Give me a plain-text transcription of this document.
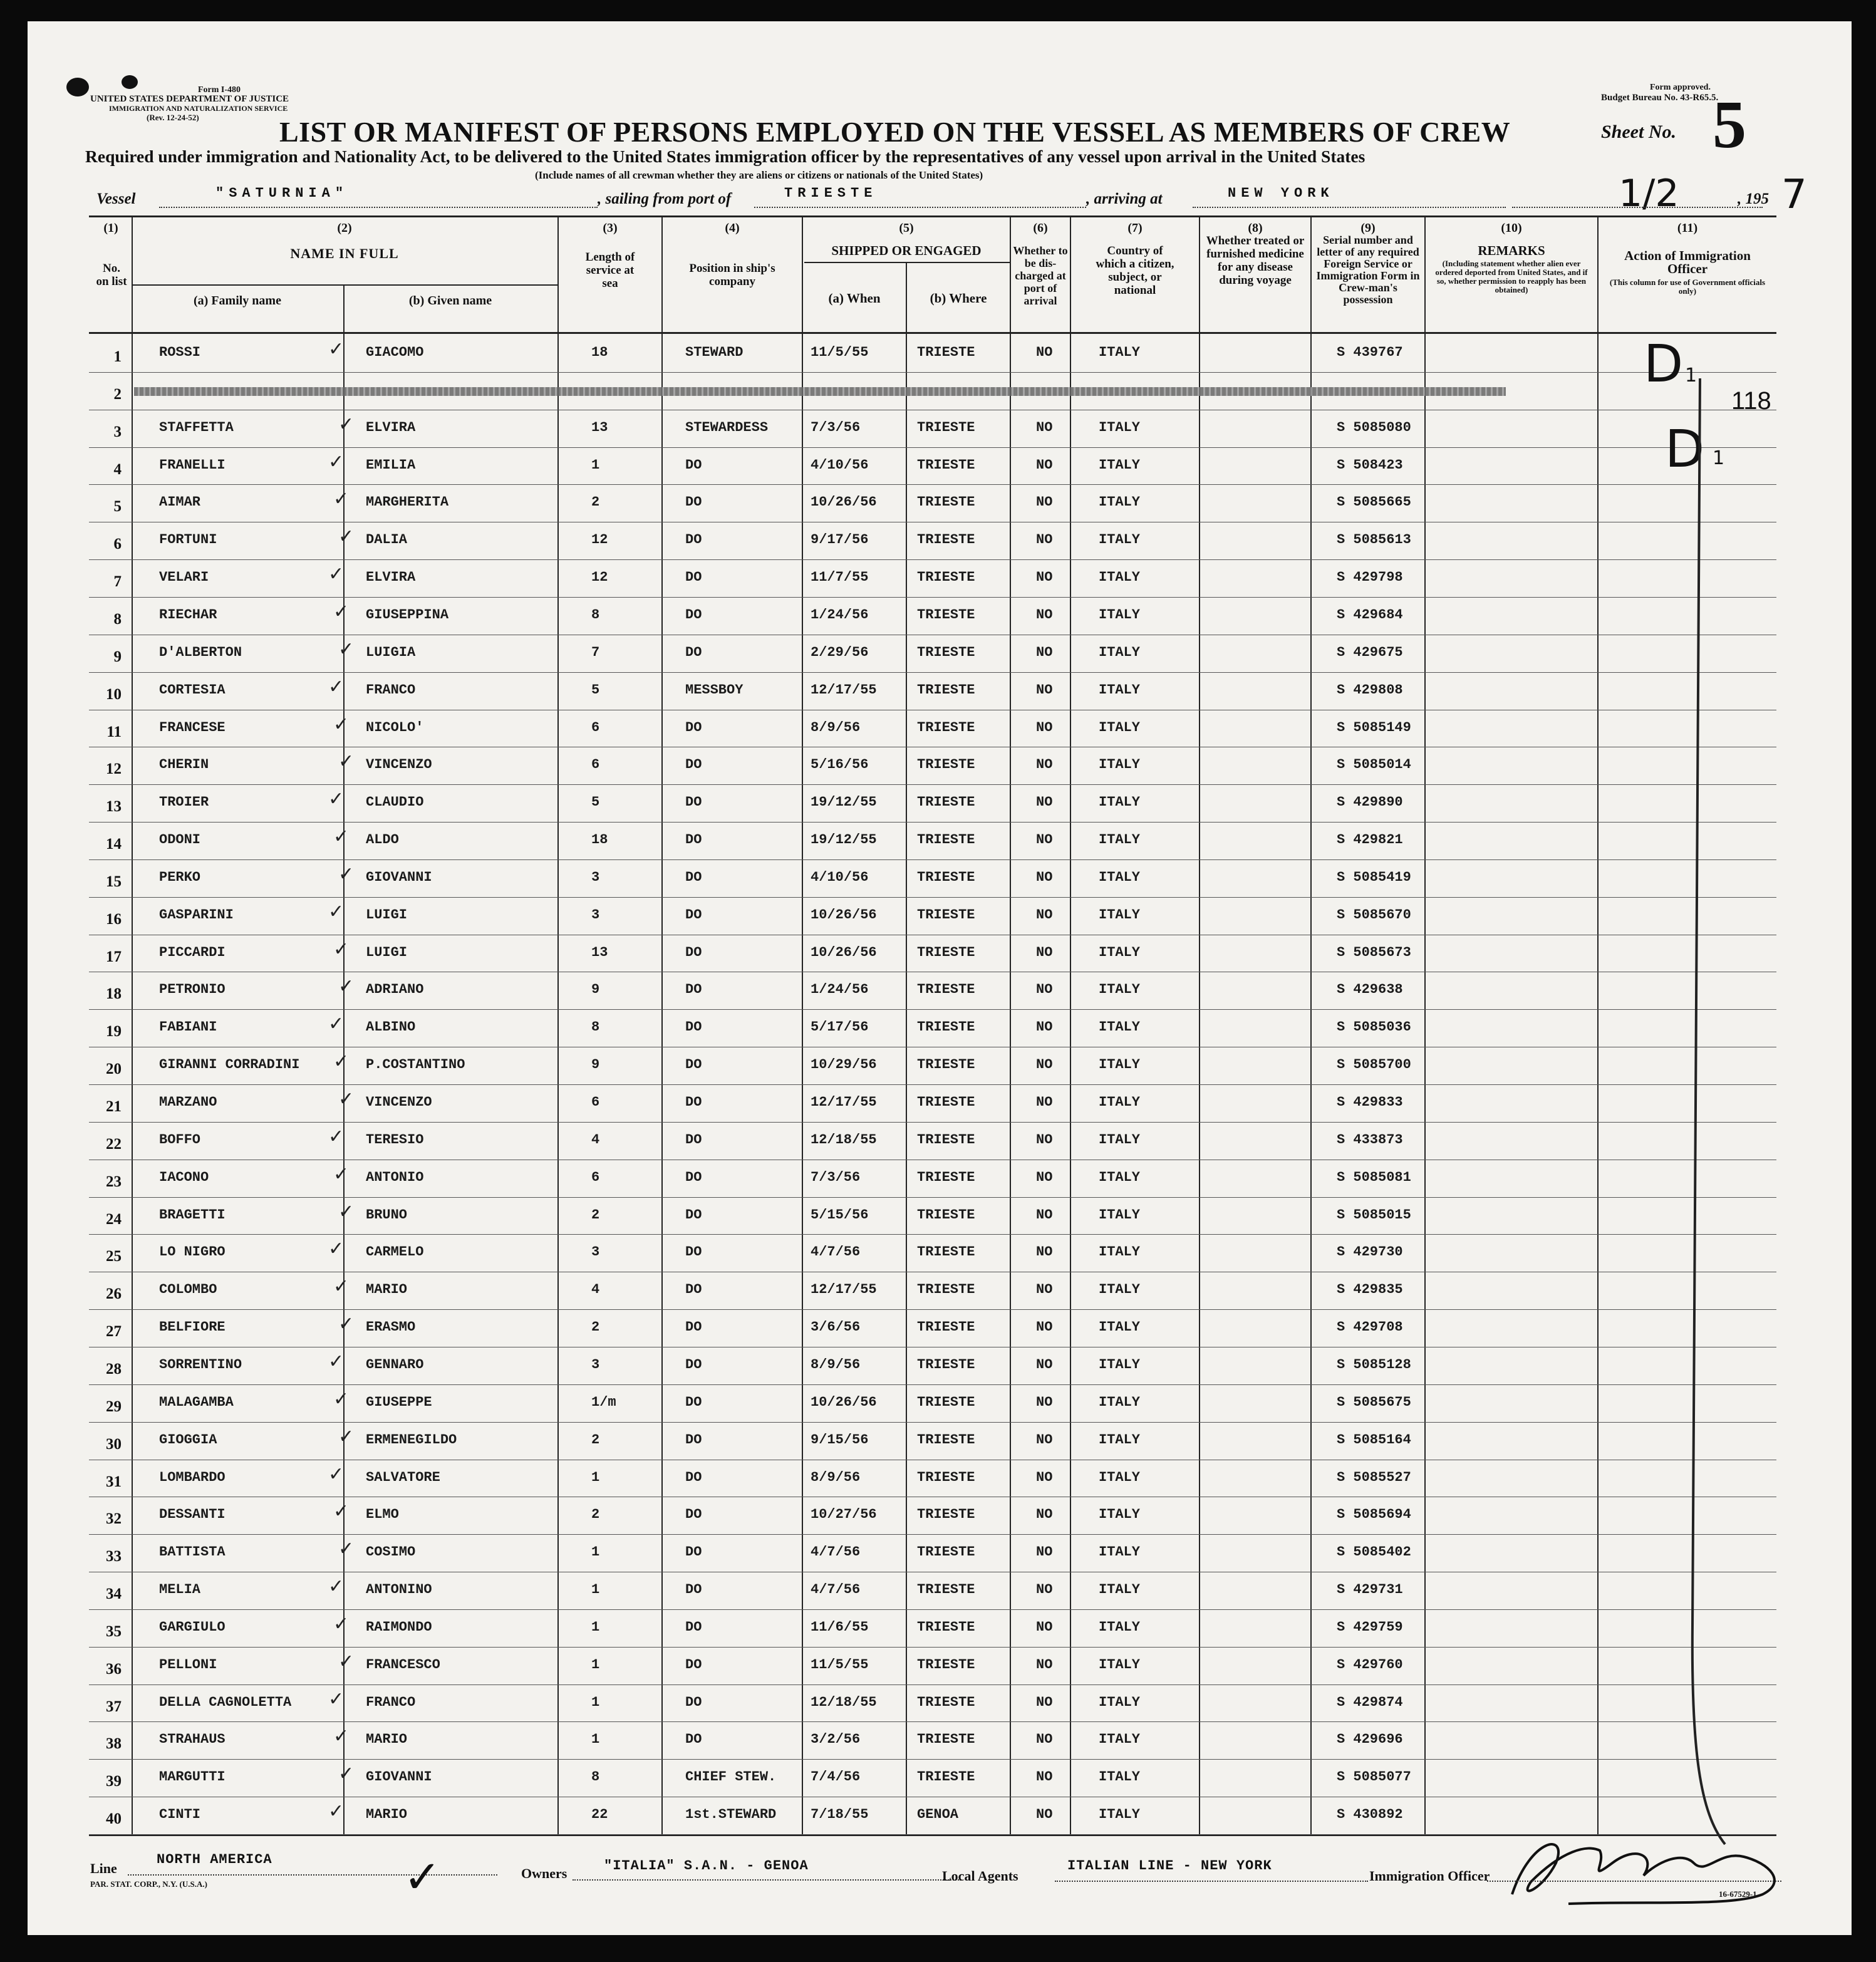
Form I-480
UNITED STATES DEPARTMENT OF JUSTICE
IMMIGRATION AND NATURALIZATION SERVICE
(Rev. 12-24-52)
Form approved.
Budget Bureau No. 43-R65.5.
LIST OR MANIFEST OF PERSONS EMPLOYED ON THE VESSEL AS MEMBERS OF CREW	Sheet No. 5
Required under immigration and Nationality Act, to be delivered to the United States immigration officer by the representatives of any vessel upon arrival in the United States
(Include names of all crewman whether they are aliens or citizens or nationals of the United States)
Vessel	"SATURNIA"	, sailing from port of	TRIESTE	, arriving at	NEW YORK	1/2	, 195 7
(1)
No. on list
(2)
NAME IN FULL
(a) Family name	(b) Given name
(3)
Length of service at sea
(4)
Position in ship's company
(5)
SHIPPED OR ENGAGED
(a) When	(b) Where
(6)
Whether to be dis-charged at port of arrival
(7)
Country of which a citizen, subject, or national
(8)
Whether treated or furnished medicine for any disease during voyage
(9)
Serial number and letter of any required Foreign Service or Immigration Form in Crew-man's possession
(10)
REMARKS
(Including statement whether alien ever ordered deported from United States, and if so, whether permission to reapply has been obtained)
(11)
Action of Immigration Officer
(This column for use of Government officials only)
1	ROSSI	GIACOMO	18	STEWARD	11/5/55	TRIESTE	NO	ITALY	S 439767
✓
2
3	STAFFETTA	ELVIRA	13	STEWARDESS	7/3/56	TRIESTE	NO	ITALY	S 5085080
✓
4	FRANELLI	EMILIA	1	DO	4/10/56	TRIESTE	NO	ITALY	S 508423
✓
5	AIMAR	MARGHERITA	2	DO	10/26/56	TRIESTE	NO	ITALY	S 5085665
✓
6	FORTUNI	DALIA	12	DO	9/17/56	TRIESTE	NO	ITALY	S 5085613
✓
7	VELARI	ELVIRA	12	DO	11/7/55	TRIESTE	NO	ITALY	S 429798
✓
8	RIECHAR	GIUSEPPINA	8	DO	1/24/56	TRIESTE	NO	ITALY	S 429684
✓
9	D'ALBERTON	LUIGIA	7	DO	2/29/56	TRIESTE	NO	ITALY	S 429675
✓
10	CORTESIA	FRANCO	5	MESSBOY	12/17/55	TRIESTE	NO	ITALY	S 429808
✓
11	FRANCESE	NICOLO'	6	DO	8/9/56	TRIESTE	NO	ITALY	S 5085149
✓
12	CHERIN	VINCENZO	6	DO	5/16/56	TRIESTE	NO	ITALY	S 5085014
✓
13	TROIER	CLAUDIO	5	DO	19/12/55	TRIESTE	NO	ITALY	S 429890
✓
14	ODONI	ALDO	18	DO	19/12/55	TRIESTE	NO	ITALY	S 429821
✓
15	PERKO	GIOVANNI	3	DO	4/10/56	TRIESTE	NO	ITALY	S 5085419
✓
16	GASPARINI	LUIGI	3	DO	10/26/56	TRIESTE	NO	ITALY	S 5085670
✓
17	PICCARDI	LUIGI	13	DO	10/26/56	TRIESTE	NO	ITALY	S 5085673
✓
18	PETRONIO	ADRIANO	9	DO	1/24/56	TRIESTE	NO	ITALY	S 429638
✓
19	FABIANI	ALBINO	8	DO	5/17/56	TRIESTE	NO	ITALY	S 5085036
✓
20	GIRANNI CORRADINI	P.COSTANTINO	9	DO	10/29/56	TRIESTE	NO	ITALY	S 5085700
✓
21	MARZANO	VINCENZO	6	DO	12/17/55	TRIESTE	NO	ITALY	S 429833
✓
22	BOFFO	TERESIO	4	DO	12/18/55	TRIESTE	NO	ITALY	S 433873
✓
23	IACONO	ANTONIO	6	DO	7/3/56	TRIESTE	NO	ITALY	S 5085081
✓
24	BRAGETTI	BRUNO	2	DO	5/15/56	TRIESTE	NO	ITALY	S 5085015
✓
25	LO NIGRO	CARMELO	3	DO	4/7/56	TRIESTE	NO	ITALY	S 429730
✓
26	COLOMBO	MARIO	4	DO	12/17/55	TRIESTE	NO	ITALY	S 429835
✓
27	BELFIORE	ERASMO	2	DO	3/6/56	TRIESTE	NO	ITALY	S 429708
✓
28	SORRENTINO	GENNARO	3	DO	8/9/56	TRIESTE	NO	ITALY	S 5085128
✓
29	MALAGAMBA	GIUSEPPE	1/m	DO	10/26/56	TRIESTE	NO	ITALY	S 5085675
✓
30	GIOGGIA	ERMENEGILDO	2	DO	9/15/56	TRIESTE	NO	ITALY	S 5085164
✓
31	LOMBARDO	SALVATORE	1	DO	8/9/56	TRIESTE	NO	ITALY	S 5085527
✓
32	DESSANTI	ELMO	2	DO	10/27/56	TRIESTE	NO	ITALY	S 5085694
✓
33	BATTISTA	COSIMO	1	DO	4/7/56	TRIESTE	NO	ITALY	S 5085402
✓
34	MELIA	ANTONINO	1	DO	4/7/56	TRIESTE	NO	ITALY	S 429731
✓
35	GARGIULO	RAIMONDO	1	DO	11/6/55	TRIESTE	NO	ITALY	S 429759
✓
36	PELLONI	FRANCESCO	1	DO	11/5/55	TRIESTE	NO	ITALY	S 429760
✓
37	DELLA CAGNOLETTA	FRANCO	1	DO	12/18/55	TRIESTE	NO	ITALY	S 429874
✓
38	STRAHAUS	MARIO	1	DO	3/2/56	TRIESTE	NO	ITALY	S 429696
✓
39	MARGUTTI	GIOVANNI	8	CHIEF STEW. 7/4/56	TRIESTE	NO	ITALY	S 5085077
✓
40	CINTI	MARIO	22	1st.STEWARD 7/18/55	GENOA	NO	ITALY	S 430892
✓
D 1
118
D 1
Line
NORTH AMERICA	✓	Owners	"ITALIA" S.A.N. - GENOA
Local Agents
ITALIAN LINE - NEW YORK
Immigration Officer
PAR. STAT. CORP., N.Y. (U.S.A.)
16-67529-1
